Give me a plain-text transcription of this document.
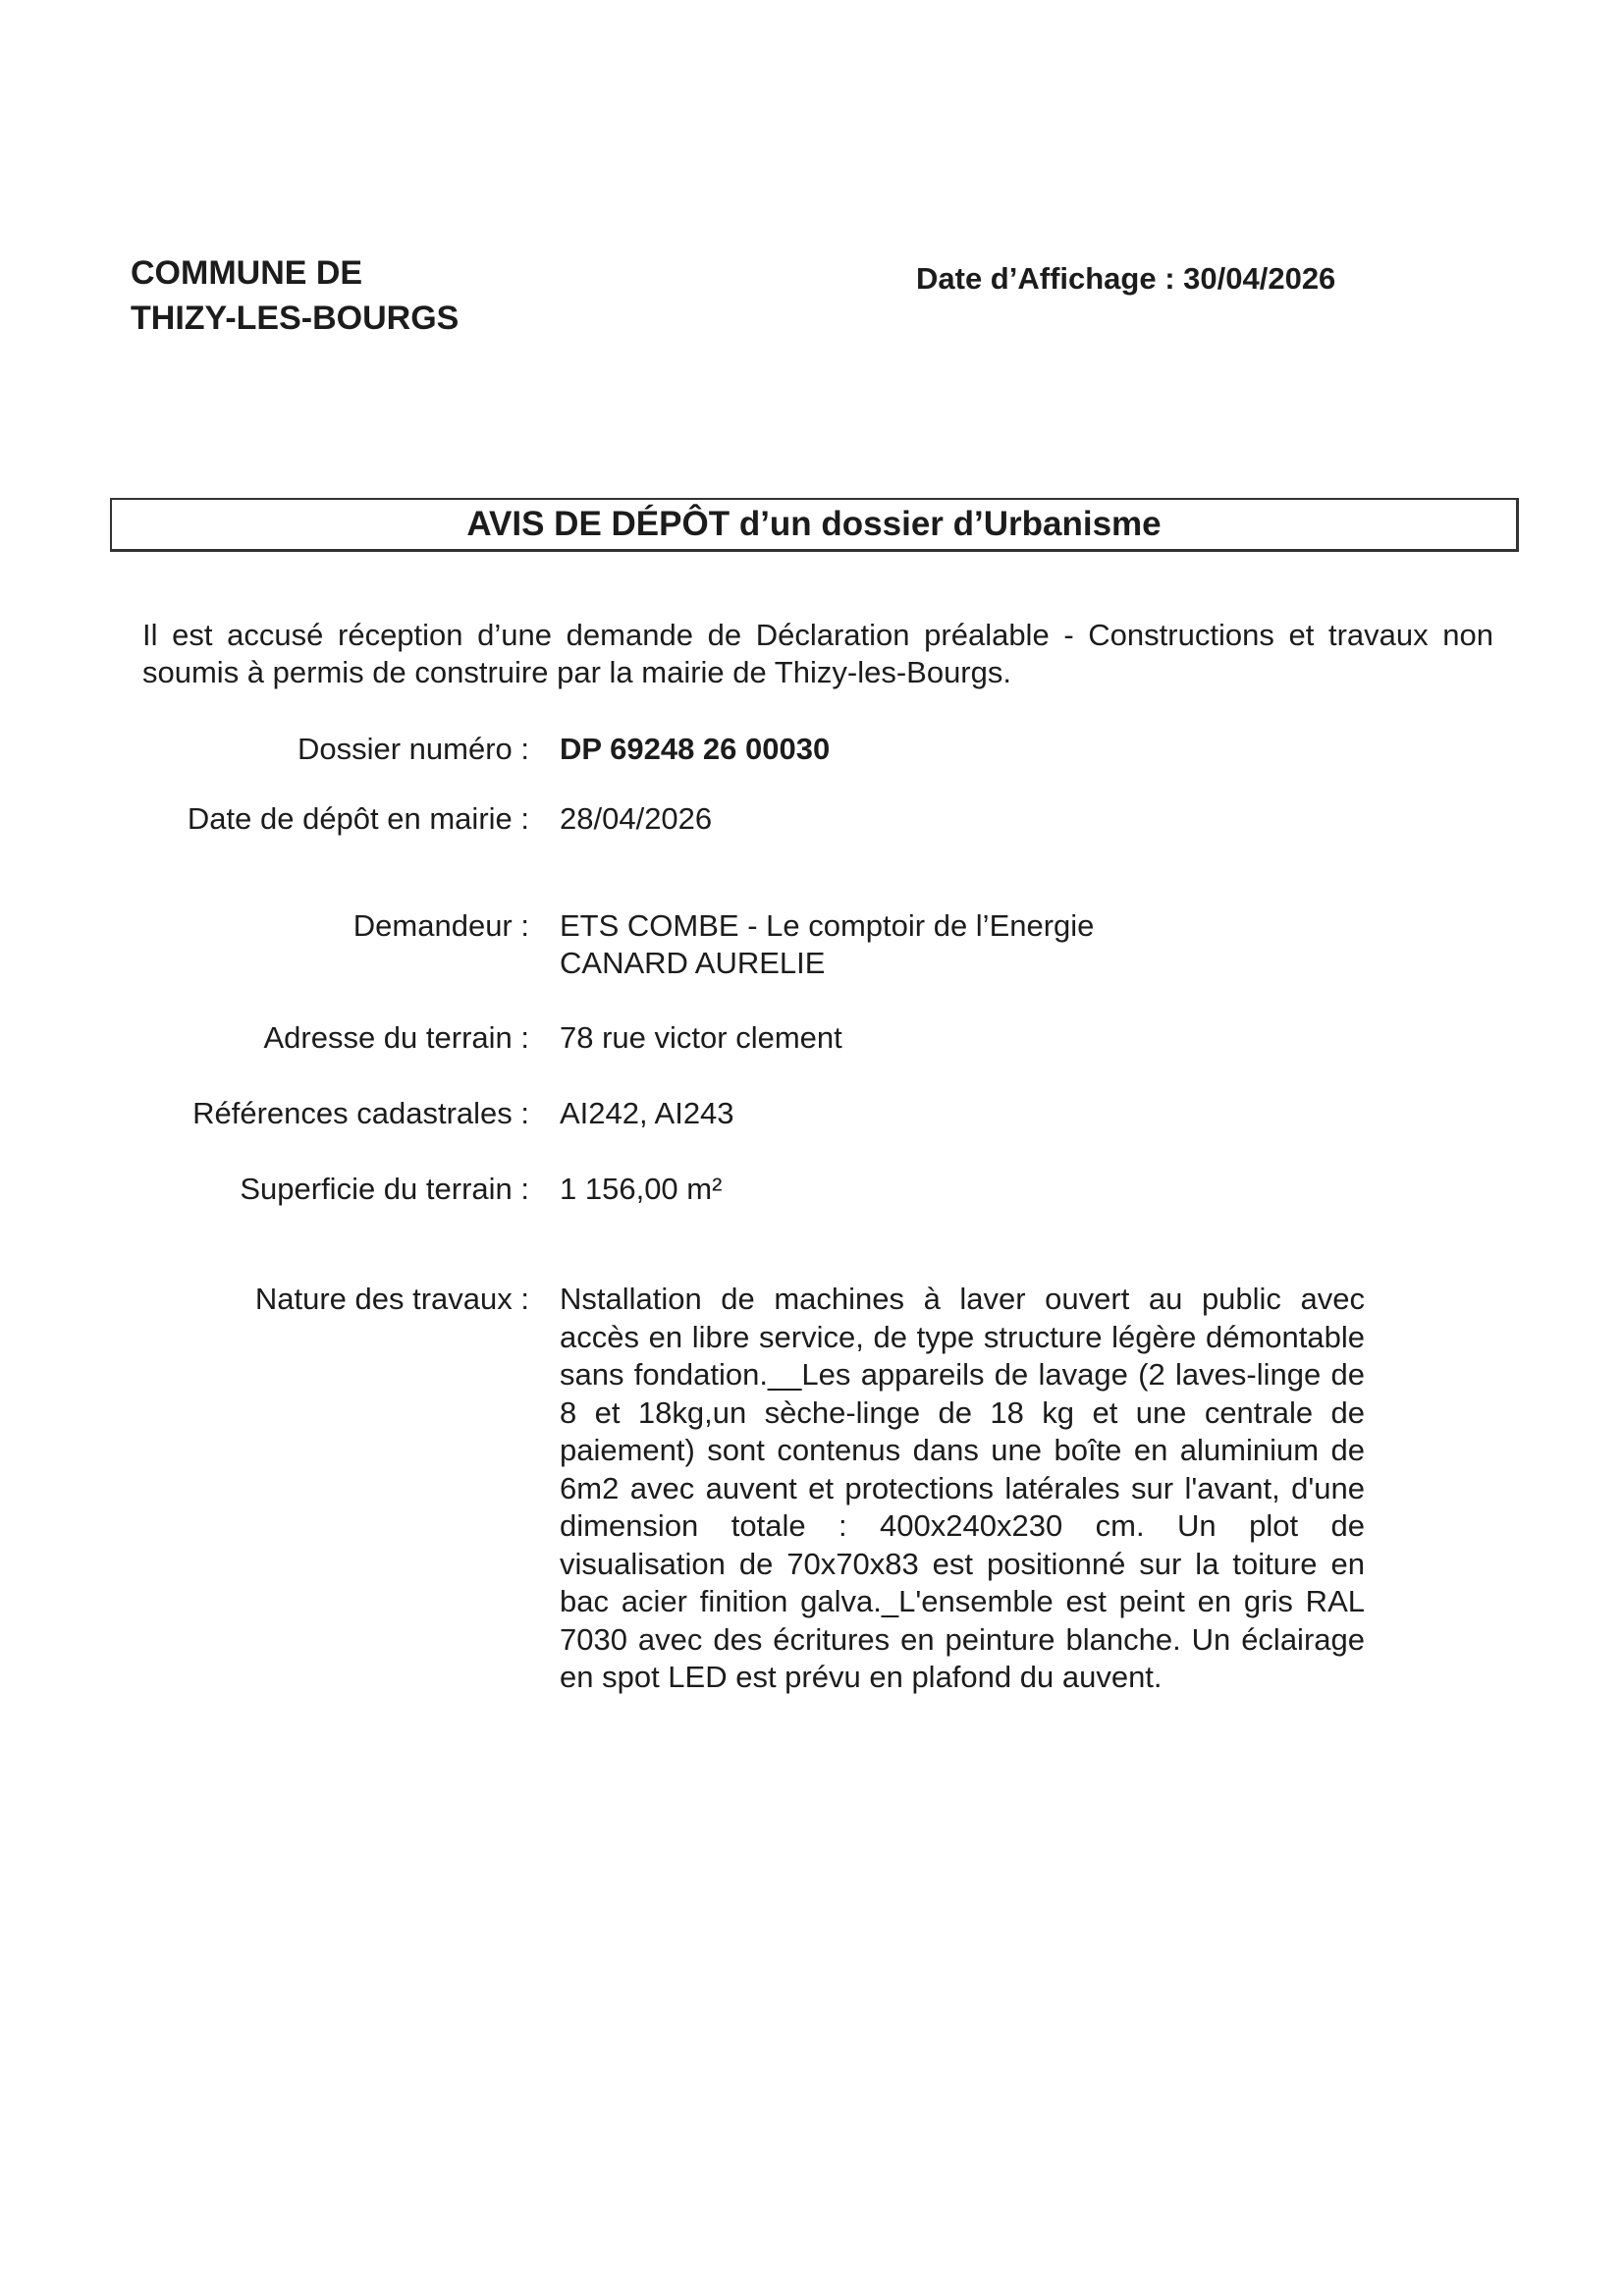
COMMUNE DE
THIZY-LES-BOURGS
Date d’Affichage : 30/04/2026
AVIS DE DÉPÔT d’un dossier d’Urbanisme
Il est accusé réception d’une demande de Déclaration préalable - Constructions et travaux non soumis à permis de construire par la mairie de Thizy-les-Bourgs.
Dossier numéro : DP 69248 26 00030
Date de dépôt en mairie : 28/04/2026
Demandeur : ETS COMBE - Le comptoir de l’Energie
CANARD AURELIE
Adresse du terrain : 78 rue victor clement
Références cadastrales : AI242, AI243
Superficie du terrain : 1 156,00 m²
Nature des travaux : Nstallation de machines à laver ouvert au public avec accès en libre service, de type structure légère démontable sans fondation.__Les appareils de lavage (2 laves-linge de 8 et 18kg,un sèche-linge de 18 kg et une centrale de paiement) sont contenus dans une boîte en aluminium de 6m2 avec auvent et protections latérales sur l'avant, d'une dimension totale : 400x240x230 cm. Un plot de visualisation de 70x70x83 est positionné sur la toiture en bac acier finition galva._L'ensemble est peint en gris RAL 7030 avec des écritures en peinture blanche. Un éclairage en spot LED est prévu en plafond du auvent.
